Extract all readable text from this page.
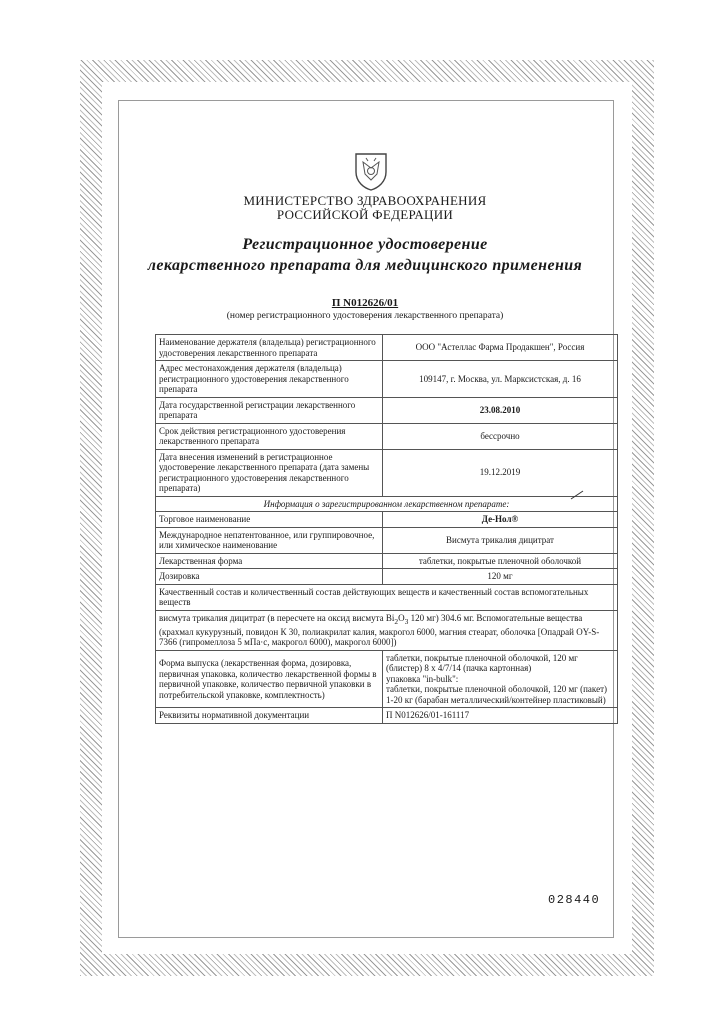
МИНИСТЕРСТВО ЗДРАВООХРАНЕНИЯ
РОССИЙСКОЙ ФЕДЕРАЦИИ
Регистрационное удостоверение
лекарственного препарата для медицинского применения
П N012626/01
(номер регистрационного удостоверения лекарственного препарата)
Наименование держателя (владельца) регистрационного удостоверения лекарственного препарата	ООО "Астеллас Фарма Продакшен", Россия
Адрес местонахождения держателя (владельца) регистрационного удостоверения лекарственного препарата	109147, г. Москва, ул. Марксистская, д. 16
Дата государственной регистрации лекарственного препарата	23.08.2010
Срок действия регистрационного удостоверения лекарственного препарата	бессрочно
Дата внесения изменений в регистрационное удостоверение лекарственного препарата (дата замены регистрационного удостоверения лекарственного препарата)	19.12.2019
Информация о зарегистрированном лекарственном препарате:	
Торговое наименование	Де-Нол®
Международное непатентованное, или группировочное, или химическое наименование	Висмута трикалия дицитрат
Лекарственная форма	таблетки, покрытые пленочной оболочкой
Дозировка	120 мг
Качественный состав и количественный состав действующих веществ и качественный состав вспомогательных веществ	
висмута трикалия дицитрат (в пересчете на оксид висмута $Bi_2O_3$ 120 мг) 304.6 мг. Вспомогательные вещества (крахмал кукурузный, повидон К 30, полиакрилат калия, макрогол 6000, магния стеарат, оболочка [Опадрай OY-S-7366 (гипромеллоза 5 мПа·с, макрогол 6000), макрогол 6000])	
Форма выпуска (лекарственная форма, дозировка, первичная упаковка, количество лекарственной формы в первичной упаковке, количество первичной упаковки в потребительской упаковке, комплектность)	таблетки, покрытые пленочной оболочкой, 120 мг (блистер) 8 x 4/7/14 (пачка картонная)
упаковка "in-bulk":
таблетки, покрытые пленочной оболочкой, 120 мг (пакет) 1-20 кг (барабан металлический/контейнер пластиковый)

Реквизиты нормативной документации	П N012626/01-161117
028440
